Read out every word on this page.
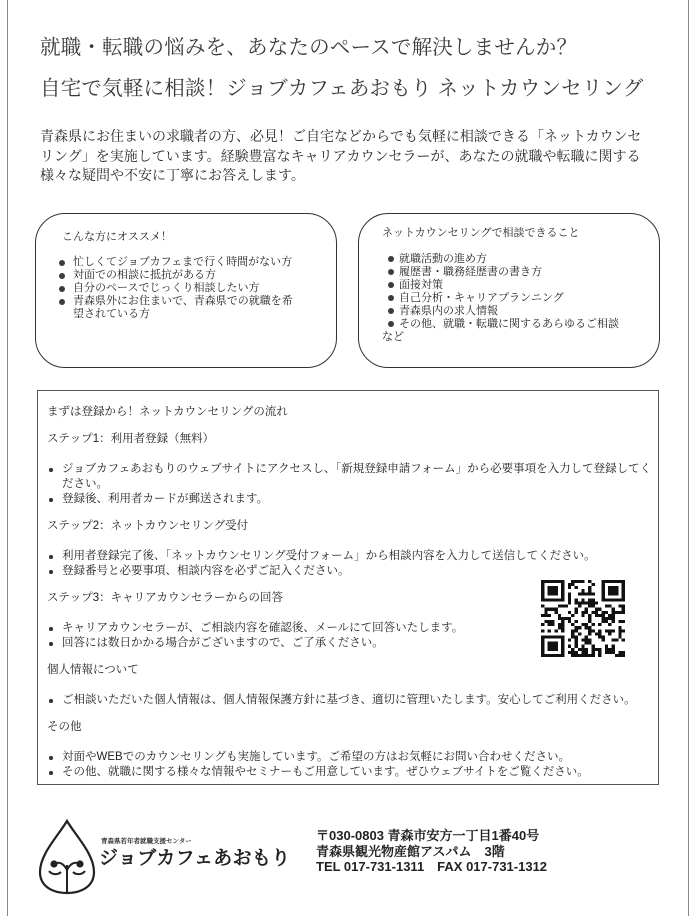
就職・転職の悩みを、あなたのペースで解決しませんか？
自宅で気軽に相談！ジョブカフェあおもり ネットカウンセリング

青森県にお住まいの求職者の方、必見！ご自宅などからでも気軽に相談できる「ネットカウンセリング」を実施しています。経験豊富なキャリアカウンセラーが、あなたの就職や転職に関する様々な疑問や不安に丁寧にお答えします。

こんな方にオススメ！
忙しくてジョブカフェまで行く時間がない方
対面での相談に抵抗がある方
自分のペースでじっくり相談したい方
青森県外にお住まいで、青森県での就職を希望されている方
ネットカウンセリングで相談できること
就職活動の進め方
履歴書・職務経歴書の書き方
面接対策
自己分析・キャリアプランニング
青森県内の求人情報
その他、就職・転職に関するあらゆるご相談など

まずは登録から！ネットカウンセリングの流れ

ステップ1：利用者登録（無料）

ジョブカフェあおもりのウェブサイトにアクセスし、「新規登録申請フォーム」から必要事項を入力して登録してください。
登録後、利用者カードが郵送されます。

ステップ2：ネットカウンセリング受付

利用者登録完了後、「ネットカウンセリング受付フォーム」から相談内容を入力して送信してください。
登録番号と必要事項、相談内容を必ずご記入ください。

ステップ3：キャリアカウンセラーからの回答

キャリアカウンセラーが、ご相談内容を確認後、メールにて回答いたします。
回答には数日かかる場合がございますので、ご了承ください。

個人情報について

ご相談いただいた個人情報は、個人情報保護方針に基づき、適切に管理いたします。安心してご利用ください。

その他

対面やWEBでのカウンセリングも実施しています。ご希望の方はお気軽にお問い合わせください。
その他、就職に関する様々な情報やセミナーもご用意しています。ぜひウェブサイトをご覧ください。
青森県若年者就職支援センター
ジョブカフェあおもり
〒030-0803 青森市安方一丁目1番40号
青森県観光物産館アスパム　3階
TEL 017-731-1311　FAX 017-731-1312
